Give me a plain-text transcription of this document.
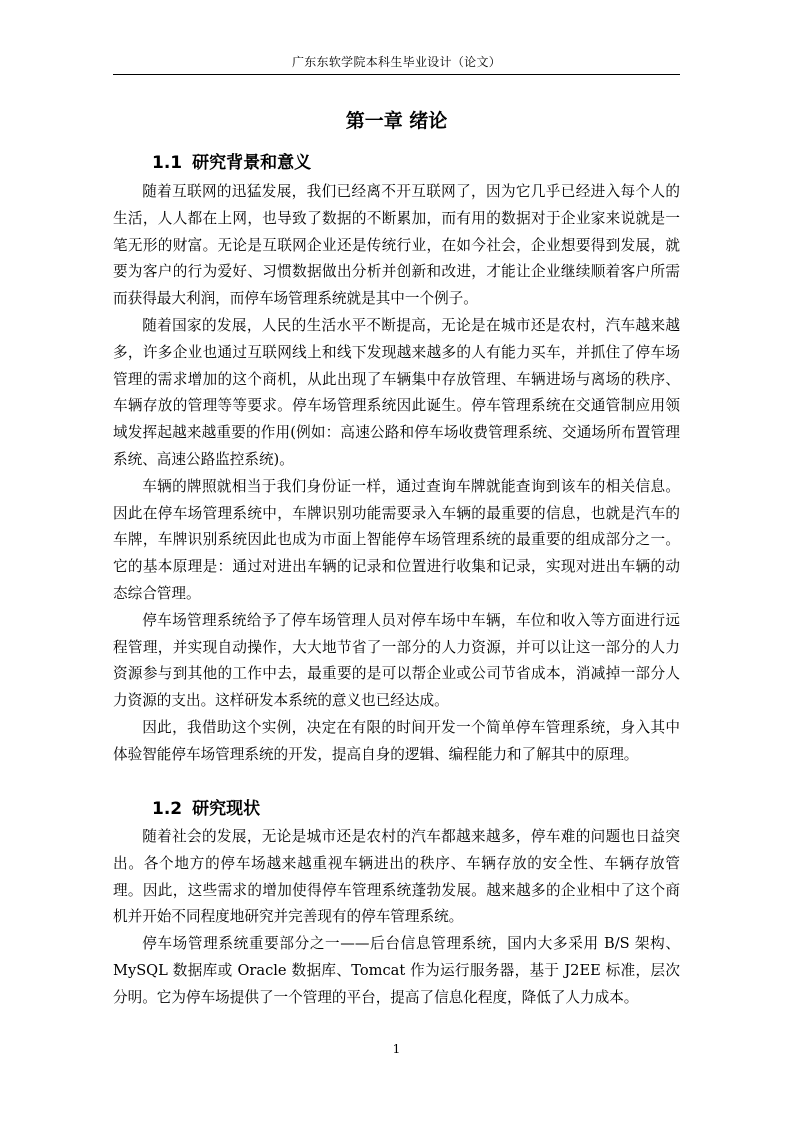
广东东软学院本科生毕业设计（论文）
第一章 绪论
1.1 研究背景和意义

随着互联网的迅猛发展，我们已经离不开互联网了，因为它几乎已经进入每个人的生活，人人都在上网，也导致了数据的不断累加，而有用的数据对于企业家来说就是一笔无形的财富。无论是互联网企业还是传统行业，在如今社会，企业想要得到发展，就要为客户的行为爱好、习惯数据做出分析并创新和改进，才能让企业继续顺着客户所需而获得最大利润，而停车场管理系统就是其中一个例子。

随着国家的发展，人民的生活水平不断提高，无论是在城市还是农村，汽车越来越多，许多企业也通过互联网线上和线下发现越来越多的人有能力买车，并抓住了停车场管理的需求增加的这个商机，从此出现了车辆集中存放管理、车辆进场与离场的秩序、车辆存放的管理等等要求。停车场管理系统因此诞生。停车管理系统在交通管制应用领域发挥起越来越重要的作用(例如：高速公路和停车场收费管理系统、交通场所布置管理系统、高速公路监控系统)。

车辆的牌照就相当于我们身份证一样，通过查询车牌就能查询到该车的相关信息。因此在停车场管理系统中，车牌识别功能需要录入车辆的最重要的信息，也就是汽车的车牌，车牌识别系统因此也成为市面上智能停车场管理系统的最重要的组成部分之一。它的基本原理是：通过对进出车辆的记录和位置进行收集和记录，实现对进出车辆的动态综合管理。

停车场管理系统给予了停车场管理人员对停车场中车辆，车位和收入等方面进行远程管理，并实现自动操作，大大地节省了一部分的人力资源，并可以让这一部分的人力资源参与到其他的工作中去，最重要的是可以帮企业或公司节省成本，消减掉一部分人力资源的支出。这样研发本系统的意义也已经达成。

因此，我借助这个实例，决定在有限的时间开发一个简单停车管理系统，身入其中体验智能停车场管理系统的开发，提高自身的逻辑、编程能力和了解其中的原理。

1.2 研究现状

随着社会的发展，无论是城市还是农村的汽车都越来越多，停车难的问题也日益突出。各个地方的停车场越来越重视车辆进出的秩序、车辆存放的安全性、车辆存放管理。因此，这些需求的增加使得停车管理系统蓬勃发展。越来越多的企业相中了这个商机并开始不同程度地研究并完善现有的停车管理系统。

停车场管理系统重要部分之一——后台信息管理系统，国内大多采用 B/S 架构、MySQL 数据库或 Oracle 数据库、Tomcat 作为运行服务器，基于 J2EE 标准，层次分明。它为停车场提供了一个管理的平台，提高了信息化程度，降低了人力成本。

1
